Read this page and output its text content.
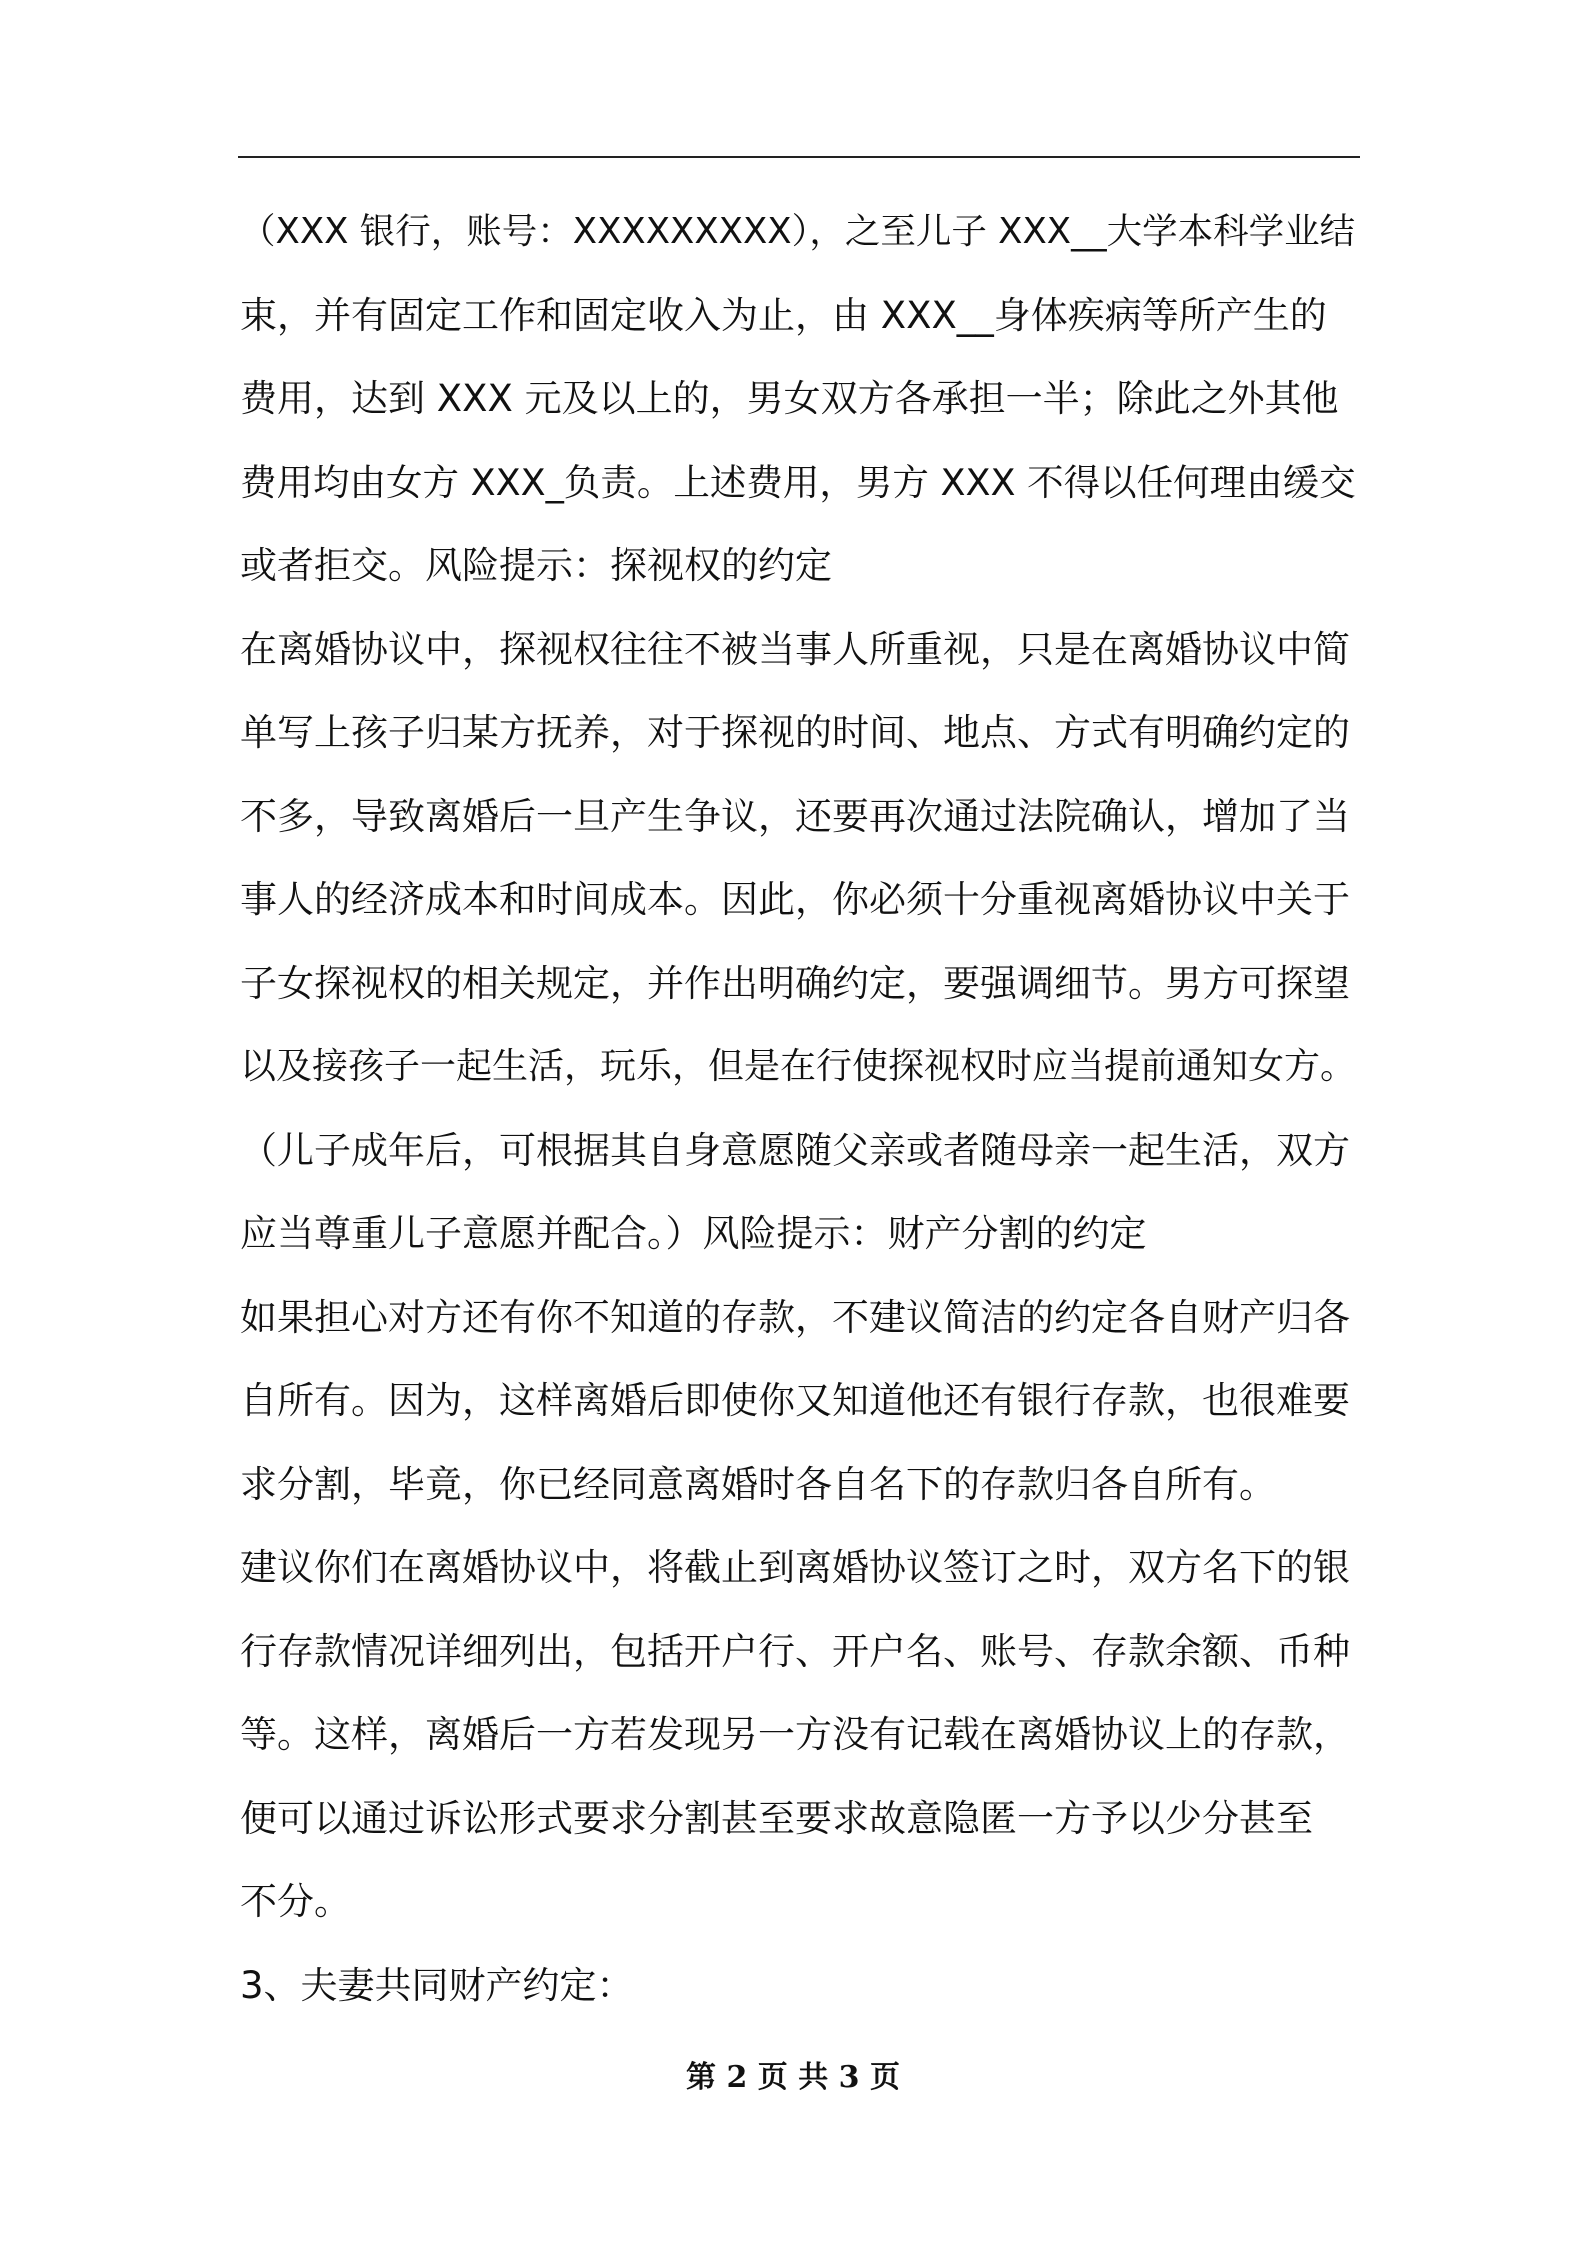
（XXX 银行，账号：XXXXXXXXX），之至儿子 XXX__大学本科学业结
束，并有固定工作和固定收入为止，由 XXX__身体疾病等所产生的
费用，达到 XXX 元及以上的，男女双方各承担一半；除此之外其他
费用均由女方 XXX_负责。上述费用，男方 XXX 不得以任何理由缓交
或者拒交。风险提示：探视权的约定
在离婚协议中，探视权往往不被当事人所重视，只是在离婚协议中简
单写上孩子归某方抚养，对于探视的时间、地点、方式有明确约定的
不多，导致离婚后一旦产生争议，还要再次通过法院确认，增加了当
事人的经济成本和时间成本。因此，你必须十分重视离婚协议中关于
子女探视权的相关规定，并作出明确约定，要强调细节。男方可探望
以及接孩子一起生活，玩乐，但是在行使探视权时应当提前通知女方。
（儿子成年后，可根据其自身意愿随父亲或者随母亲一起生活，双方
应当尊重儿子意愿并配合。）风险提示：财产分割的约定
如果担心对方还有你不知道的存款，不建议简洁的约定各自财产归各
自所有。因为，这样离婚后即使你又知道他还有银行存款，也很难要
求分割，毕竟，你已经同意离婚时各自名下的存款归各自所有。
建议你们在离婚协议中，将截止到离婚协议签订之时，双方名下的银
行存款情况详细列出，包括开户行、开户名、账号、存款余额、币种
等。这样，离婚后一方若发现另一方没有记载在离婚协议上的存款，
便可以通过诉讼形式要求分割甚至要求故意隐匿一方予以少分甚至
不分。
3、夫妻共同财产约定：
第 2 页 共 3 页
